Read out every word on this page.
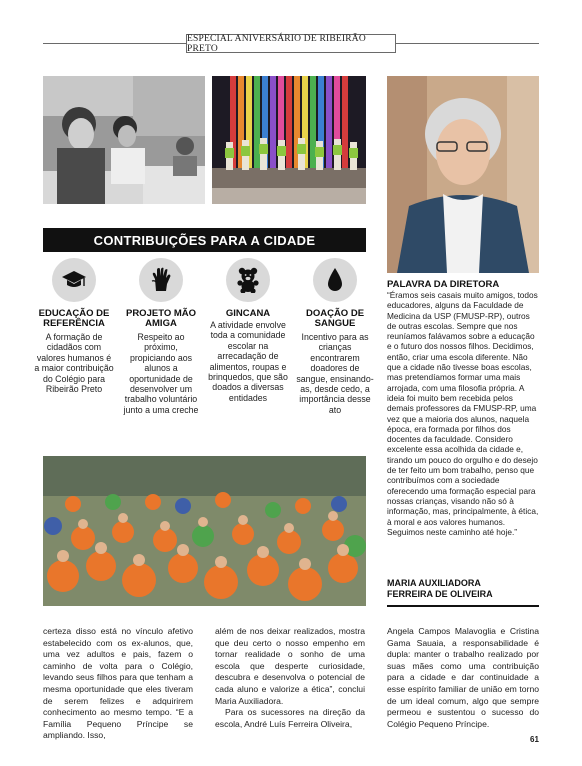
ESPECIAL ANIVERSÁRIO DE RIBEIRÃO PRETO
CONTRIBUIÇÕES PARA A CIDADE
EDUCAÇÃO DE REFERÊNCIA
A formação de cidadãos com valores humanos é a maior contribuição do Colégio para Ribeirão Preto
PROJETO MÃO AMIGA
Respeito ao próximo, propiciando aos alunos a oportunidade de desenvolver um trabalho voluntário junto a uma creche
GINCANA
A atividade envolve toda a comunidade escolar na arrecadação de alimentos, roupas e brinquedos, que são doados a diversas entidades
DOAÇÃO DE SANGUE
Incentivo para as crianças encontrarem doadores de sangue, ensinando-as, desde cedo, a importância desse ato
PALAVRA DA DIRETORA
“Éramos seis casais muito amigos, todos educadores, alguns da Faculdade de Medicina da USP (FMUSP-RP), outros de outras escolas. Sempre que nos reuníamos falávamos sobre a educação e o futuro dos nossos filhos. Decidimos, então, criar uma escola diferente. Não que a cidade não tivesse boas escolas, mas pretendíamos formar uma mais arrojada, com uma filosofia própria. A ideia foi muito bem recebida pelos demais professores da FMUSP-RP, uma vez que a maioria dos alunos, naquela época, era formada por filhos dos docentes da faculdade. Considero excelente essa acolhida da cidade e, tirando um pouco do orgulho e do desejo de ter feito um bom trabalho, penso que contribuímos com a sociedade oferecendo uma formação especial para nossas crianças, visando não só à informação, mas, principalmente, à ética, à moral e aos valores humanos. Seguimos neste caminho até hoje.”
MARIA AUXILIADORA
FERREIRA DE OLIVEIRA
certeza disso está no vínculo afetivo estabelecido com os ex-alunos, que, uma vez adultos e pais, fazem o caminho de volta para o Colégio, levando seus filhos para que tenham a mesma oportunidade que eles tiveram de serem felizes e adquirirem conhecimento ao mesmo tempo. “E a Família Pequeno Príncipe se ampliando. Isso,
além de nos deixar realizados, mostra que deu certo o nosso empenho em tornar realidade o sonho de uma escola que desperte curiosidade, descubra e desenvolva o potencial de cada aluno e valorize a ética”, conclui Maria Auxiliadora.
Para os sucessores na direção da escola, André Luís Ferreira Oliveira,
Angela Campos Malavoglia e Cristina Gama Sauaia, a responsabilidade é dupla: manter o trabalho realizado por suas mães como uma contribuição para a cidade e dar continuidade a esse espírito familiar de união em torno de um ideal comum, algo que sempre permeou e sustentou o sucesso do Colégio Pequeno Príncipe.
61
